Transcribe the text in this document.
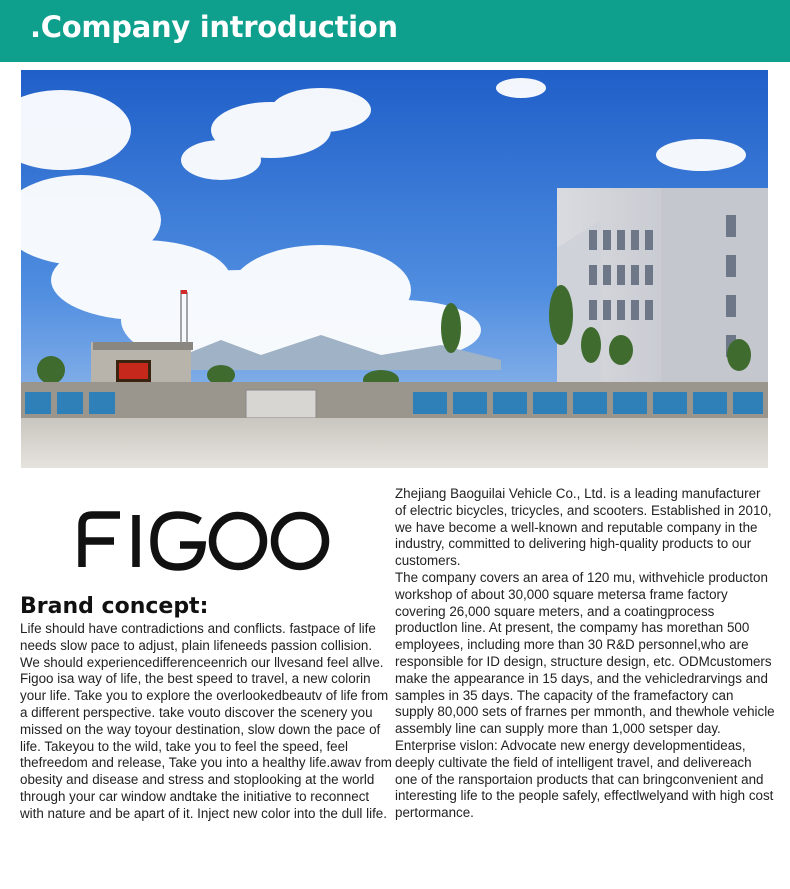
.Company introduction
Brand concept:

Life should have contradictions and conflicts. fastpace of life needs slow pace to adjust, plain lifeneeds passion collision. We should experiencedifferenceenrich our llvesand feel allve. Figoo isa way of life, the best speed to travel, a new colorin your life. Take you to explore the overlookedbeautv of life from a different perspective. take vouto discover the scenery you missed on the way toyour destination, slow down the pace of life. Takeyou to the wild, take you to feel the speed, feel thefreedom and release, Take you into a healthy life.awav from obesity and disease and stress and stoplooking at the world through your car window andtake the initiative to reconnect with nature and be apart of it. Inject new color into the dull life.

Zhejiang Baoguilai Vehicle Co., Ltd. is a leading manufacturer of electric bicycles, tricycles, and scooters. Established in 2010, we have become a well-known and reputable company in the industry, committed to delivering high-quality products to our customers.
The company covers an area of 120 mu, withvehicle producton workshop of about 30,000 square metersa frame factory covering 26,000 square meters, and a coatingprocess productlon line. At present, the compamy has morethan 500 employees, including more than 30 R&D personnel,who are responsible for ID design, structure design, etc. ODMcustomers make the appearance in 15 days, and the vehicledrarvings and samples in 35 days. The capacity of the framefactory can supply 80,000 sets of frarnes per mmonth, and thewhole vehicle assembly line can supply more than 1,000 setsper day. Enterprise vislon: Advocate new energy developmentideas, deeply cultivate the field of intelligent travel, and delivereach one of the ransportaion products that can bringconvenient and interesting life to the people safely, effectlwelyand with high cost pertormance.
